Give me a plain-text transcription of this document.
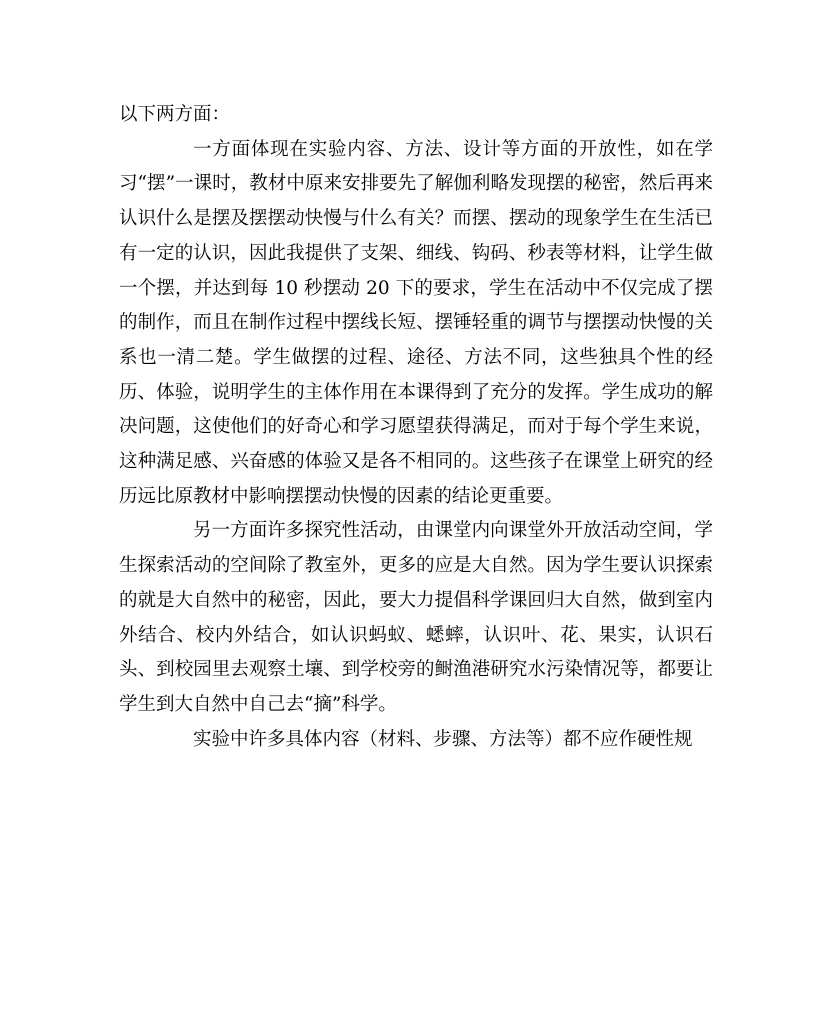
以下两方面：

一方面体现在实验内容、方法、设计等方面的开放性，如在学习“摆”一课时，教材中原来安排要先了解伽利略发现摆的秘密，然后再来认识什么是摆及摆摆动快慢与什么有关？而摆、摆动的现象学生在生活已有一定的认识，因此我提供了支架、细线、钩码、秒表等材料，让学生做一个摆，并达到每 10 秒摆动 20 下的要求，学生在活动中不仅完成了摆的制作，而且在制作过程中摆线长短、摆锤轻重的调节与摆摆动快慢的关系也一清二楚。学生做摆的过程、途径、方法不同，这些独具个性的经历、体验，说明学生的主体作用在本课得到了充分的发挥。学生成功的解决问题，这使他们的好奇心和学习愿望获得满足，而对于每个学生来说，这种满足感、兴奋感的体验又是各不相同的。这些孩子在课堂上研究的经历远比原教材中影响摆摆动快慢的因素的结论更重要。

另一方面许多探究性活动，由课堂内向课堂外开放活动空间，学生探索活动的空间除了教室外，更多的应是大自然。因为学生要认识探索的就是大自然中的秘密，因此，要大力提倡科学课回归大自然，做到室内外结合、校内外结合，如认识蚂蚁、蟋蟀，认识叶、花、果实，认识石头、到校园里去观察土壤、到学校旁的鲥渔港研究水污染情况等，都要让学生到大自然中自己去“摘”科学。

实验中许多具体内容（材料、步骤、方法等）都不应作硬性规
